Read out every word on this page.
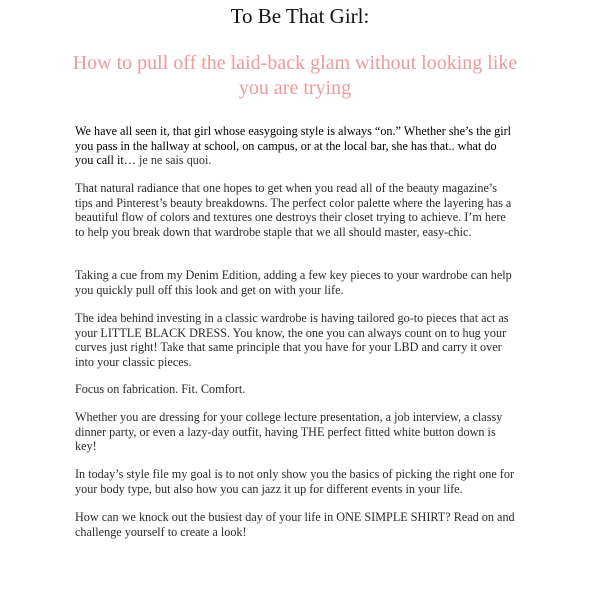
To Be That Girl:
How to pull off the laid-back glam without looking like you are trying

We have all seen it, that girl whose easygoing style is always “on.” Whether she’s the girl you pass in the hallway at school, on campus, or at the local bar, she has that.. what do you call it… je ne sais quoi.

That natural radiance that one hopes to get when you read all of the beauty magazine’s tips and Pinterest’s beauty breakdowns. The perfect color palette where the layering has a beautiful flow of colors and textures one destroys their closet trying to achieve. I’m here to help you break down that wardrobe staple that we all should master, easy-chic.

Taking a cue from my Denim Edition, adding a few key pieces to your wardrobe can help you quickly pull off this look and get on with your life.

The idea behind investing in a classic wardrobe is having tailored go-to pieces that act as your LITTLE BLACK DRESS. You know, the one you can always count on to hug your curves just right! Take that same principle that you have for your LBD and carry it over into your classic pieces.

Focus on fabrication. Fit. Comfort.

Whether you are dressing for your college lecture presentation, a job interview, a classy dinner party, or even a lazy-day outfit, having THE perfect fitted white button down is key!

In today’s style file my goal is to not only show you the basics of picking the right one for your body type, but also how you can jazz it up for different events in your life.

How can we knock out the busiest day of your life in ONE SIMPLE SHIRT? Read on and challenge yourself to create a look!
